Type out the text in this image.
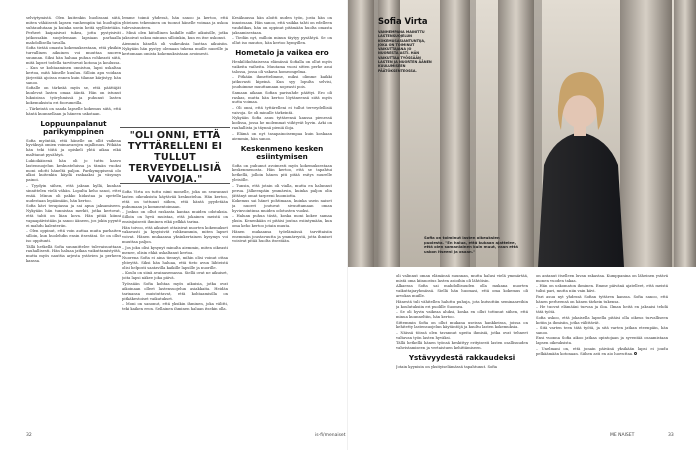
selviytymistä. Olen kuitenkin huolissani siitä, miten vähäisesti lapsen vanhempiin tai huoltajiin suhtaudutaan ja kuinka usein heitä syyllistetään. Perheet kaipaisivat tukea, jotta pystyisivät jatkossakin suojelemaan lapsiaan parhaalla mahdollisella tavalla.

Sofia tietää omasta kokemuksestaan, että yksikin turvallinen aikuinen voi muuttaa nuoren suunnan. Siksi hän haluaa puhua rohkeasti siitä, mitä lapset todella tarvitsevat kotona ja koulussa.

– Kun se kohtaaminen onnistuu, lapsi uskaltaa kertoa, mitä hänelle kuuluu. Silloin apu voidaan järjestää ajoissa ennen kuin tilanne kärjistyy, hän sanoo.

Sofialle on tärkeää myös se, että päättäjät kuulevat lasten omaa ääntä. Hän on istunut lukuisissa työryhmissä ja puhunut lasten kokemuksista eri foorumeilla.

– Tärkeintä on saada lapselle kokemus siitä, että häntä kuunnellaan ja häneen uskotaan.

Loppuunpalanut parikymppinen

Sofia myöntää, että hänelle on ollit vaikeaa hyväksyä omien voimavarojen rajallisuus. Pitkään hän teki töitä ja opiskeli yhtä aikaa eikä malttanut pysähtyä.

Lukioikäisenä hän oli jo tuttu kasvo lastensuojelun keskusteluissa ja tämän vuoksi moni odotti häneltä paljon. Parikymppisenä olo alkoi kuitenkin käydä raskaaksi ja väsymys painoi.

– Tyydyin siihen, että jaksan kyllä, kunhan sinnittelen vielä vähän. Lopulta keho sanoi, ettei enää. Minun oli pakko hidastaa ja opetella uudestaan lepäämään, hän kertoo.

Sofia kävi terapiassa ja sai apua jaksamiseen. Nykyään hän tunnistaa merkit, jotka kertovat, että tahti on liian kova. Hän pitää kiinni vapaapäivistään ja sanoo ääneen, jos jokin pyyntö ei mahdu kalenteriin.

– Olen oppinut, että voin auttaa muita parhaiten silloin, kun huolehdin ensin itsestäni. Se on ollut iso oppitunti.

Tällä hetkellä Sofia suunnittelee tulevaisuuttaan rauhallisesti. Hän haluaa jatkaa vaikuttamistyötä, mutta myös nauttia arjesta ystävien ja perheen kanssa.

lemme toimii yhdessä, hän sanoo ja kertoo, että yhteinen tekeminen on tuonut hänelle voimaa ja uskoa tulevaisuuteen.

– Minä olen kiitollinen kaikille niille aikuisille, jotka jaksoivat uskoa minuun silloinkin, kun en itse uskonut.

Aiemmin hänellä oli vaikeuksia luottaa aikuisiin. Nykyään hän pystyy olemaan tukena muille nuorille ja kertomaan omista kokemuksistaan avoimesti.

"OLI ONNI, ETTÄ TYTTÄRELLENI EI TULLUT TERVEYDELLISIÄ VAIVOJA."

Sofia Virta on tuttu nimi monelle, joka on seurannut lasten oikeuksista käytävää keskustelua. Hän kertoo, että on tottunut siihen, että häntä pyydetään puhumaan ja kommentoimaan.

– Joskus on ollut raskasta kantaa muiden odotuksia. Silloin on hyvä muistaa, että jokainen meistä on ensisijaisesti ihminen eikä pelkkä tarina.

Hän toivoo, että aikuiset ottaisivat nuorten kokemukset vakavasti ja kysyisivät rohkeammin, miten lapset voivat. Hänen mukaansa yksinkertainen kysymys voi muuttaa paljon.

– Jos joku olisi kysynyt minulta aiemmin, miten oikeasti menee, olisin ehkä uskaltanut kertoa.

Nuorena Sofia ei aina tiennyt, mihin olisi voinut ottaa yhteyttä. Siksi hän haluaa, että tieto avun lähteistä olisi helposti saatavilla kaikille lapsille ja nuorille.

– Koulu on siinä avainasemassa. Siellä ovat ne aikuiset, joita lapsi näkee joka päivä.

Työssään Sofia kohtaa myös aikuisia, jotka ovat aikoinaan olleet lastensuojelun asiakkaita. Heidän tarinansa muistuttavat, että kohtaamisilla on pitkäkestoiset vaikutukset.

– Moni on sanonut, että yksikin ihminen, joka välitti, teki kaiken eron. Sellainen ihminen haluan itsekin olla.

Kesäkuussa hän aloitti uuden työn, josta hän on innoissaan. Hän sanoo, että vaikka tahti on edelleen vauhdikas, hän on oppinut pitämään huolta omasta jaksamisestaan.

– Tiedän nyt, milloin minun täytyy pysähtyä. Se on ollut iso muutos, hän kertoo hymyillen.

Hometalo ja vaikea ero

Henkilökohtaisessa elämässä Sofialla on ollut myös vaikeita vaiheita. Muutama vuosi sitten perhe asui talossa, jossa oli vakava homeongelma.

– Pitkään ihmettelimme, miksi olimme kaikki jatkuvasti kipeinä. Kun syy lopulta selvisi, jouduimme muuttamaan nopeasti pois.

Samaan aikaan Sofian parisuhde päättyi. Ero oli raskas, mutta hän kertoo löytäneensä siitä myös uutta voimaa.

– Oli onni, että tyttärelleni ei tullut terveydellisiä vaivoja. Se oli minulle tärkeintä.

Nykyään Sofia asuu tyttärensä kanssa pienessä kodissa, jossa he molemmat viihtyvät hyvin. Arki on rauhallista ja täynnä pieniä iloja.

– Elämä on nyt tasapainoisempaa kuin koskaan aiemmin, hän sanoo.

Keskenmeno kesken esiintymisen

Sofia on puhunut avoimesti myös kokemuksestaan keskenmenosta. Hän kertoo, että se tapahtui hetkellä, jolloin hänen piti pitää esitys suurelle yleisölle.

– Tunsin, että jotain oli vialla, mutta en halunnut perua. Jälkeenpäin ymmärsin, kuinka paljon olin jättänyt omat tarpeeni huomiotta.

Kokemus sai hänet pohtimaan, kuinka usein naiset ja nuoret joutuvat sivuuttamaan oman hyvinvointinsa muiden odotusten vuoksi.

– Haluan puhua tästä, koska moni kokee samaa yksin. Kenenkään ei pitäisi joutua esiintymään, kun oma keho kertoo jotain muuta.

Hänen mukaansa työelämässä tarvittaisiin enemmän joustavuutta ja ymmärrystä, jotta ihmiset voisivat pitää huolta itsestään.

32	is-fi/menaiset
Sofia on toiminut lasten oikeuksien puolesta. "En halua, että kukaan ajattelee, että olen samanlainen kuin muut, vaan että uskon itseeni ja osaan."

oli valinnut oman elämänsä suunnan, mutta halusi vielä ymmärtää, mistä oma kiinnostus lasten asioihin oli lähtöisin.

Alkaessa Sofia sai mahdollisuuden olla mukana nuorten vaikuttajaryhmässä. Siellä hän huomasi, että oma kokemus oli arvokas muille.

Hänestä tuli vähitellen haluttu puhuja, jota kutsuttiin seminaareihin ja koulutuksiin eri puolille Suomea.

– Se oli hyvin vaikeaa aluksi, koska en ollut tottunut siihen, että minua kuunneltiin, hän kertoo.

Sittemmin Sofia on ollut mukana useissa hankkeissa, joissa on kehitetty lastensuojelun käytäntöjä ja kuultu lasten kokemuksia.

– Näissä töissä olen tavannut upeita ihmisiä, jotka ovat tehneet valtavan työn lasten hyväksi.

Tällä hetkellä hänen työnsä keskittyy erityisesti lasten osallisuuden vahvistamiseen ja vertaistuen kehittämiseen.

Ystävyydestä rakkaudeksi

Jotain kyynisin on yksityiselämässä tapahtunut. Sofia

on antanut itselleen luvan rakastaa. Kumppanina on läheinen ystävä monen vuoden takaa.

– Hän on uskomaton ihminen. Emme päivänä ajatelleet, että meistä tulisi pari, mutta niin vain kävi.

Pari asuu nyt yhdessä Sofian tyttären kanssa. Sofia sanoo, että hänen perheensä on hänen tärkein tukensa.

– He tuovat elämääni turvaa ja iloa. Ilman heitä en jaksaisi tehdä tätä työtä.

Sofia uskoo, että jokaisella lapsella pitäisi olla oikeus turvalliseen kotiin ja ihmisiin, jotka välittävät.

– Sitä varten teen tätä työtä, ja sitä varten jatkan eteenpäin, hän sanoo.

Ensi vuonna Sofia aikoo jatkaa opintojaan ja syventää osaamistaan lapsen oikeuksista.

– Unelmani on, että jonain päivänä yksikään lapsi ei joudu pelkäämään kotonaan. Siihen asti en aio luovuttaa.

ME NAISET	33
Sofia Virta
VANHEMPANA MAINITTU LASTENSUOJELUN KOKEMUSASIANTUNTIJA, JOKA ON TOIMINUT VAIKUTTAJANA JO NUORESTA ASTI. HÄN VAIKUTTAA TYÖSSÄÄN LASTEN JA NUORTEN ÄÄNEN KUULUMISEEN PÄÄTÖKSENTEOSSA.
